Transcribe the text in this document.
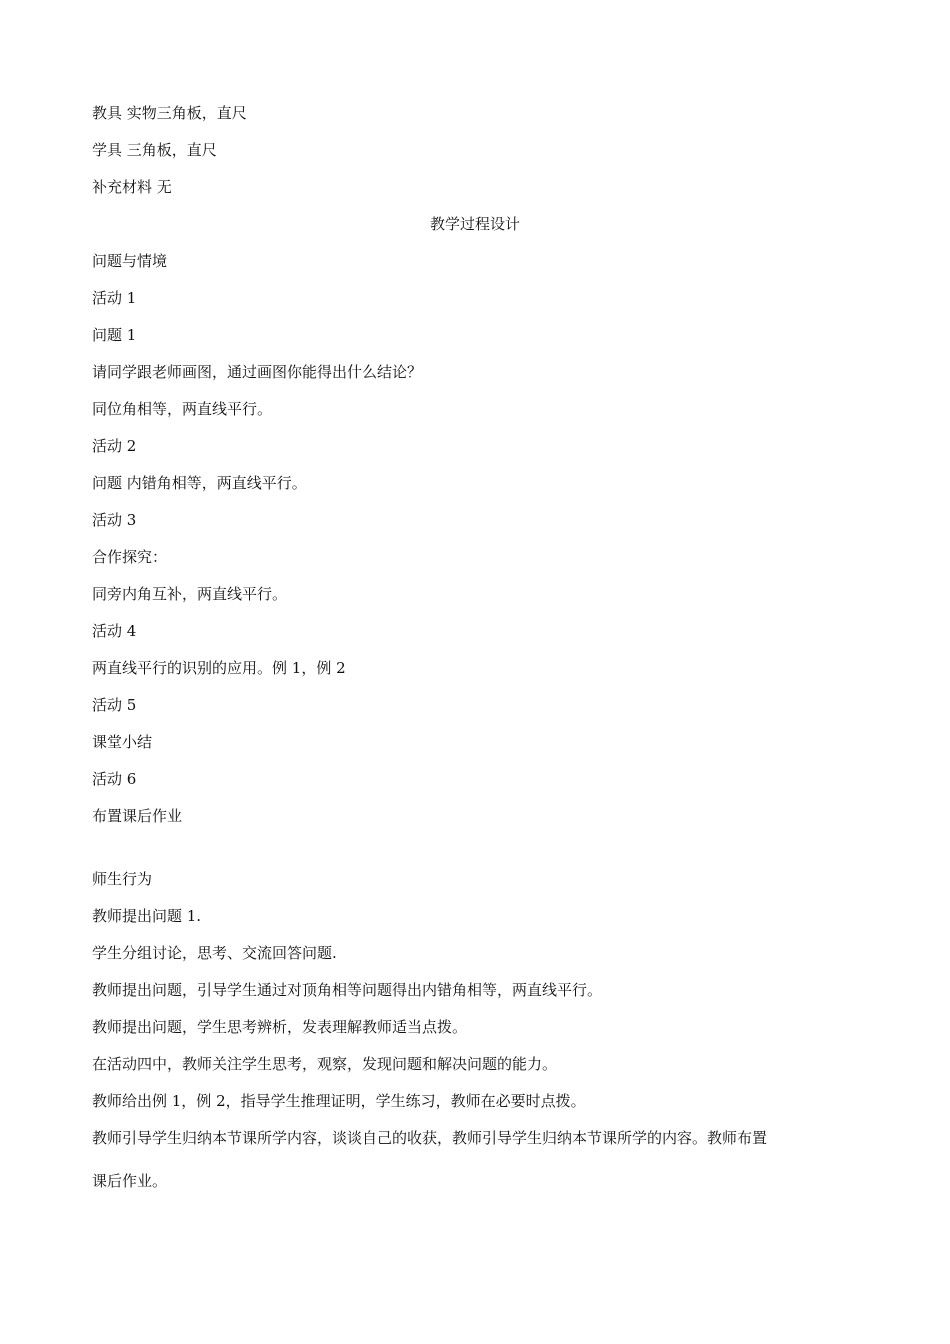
教具 实物三角板，直尺
学具 三角板，直尺
补充材料 无
教学过程设计
问题与情境
活动 1
问题 1
请同学跟老师画图，通过画图你能得出什么结论？
同位角相等，两直线平行。
活动 2
问题 内错角相等，两直线平行。
活动 3
合作探究：
同旁内角互补，两直线平行。
活动 4
两直线平行的识别的应用。例 1，例 2
活动 5
课堂小结
活动 6
布置课后作业
师生行为
教师提出问题 1.
学生分组讨论，思考、交流回答问题.
教师提出问题，引导学生通过对顶角相等问题得出内错角相等，两直线平行。
教师提出问题，学生思考辨析，发表理解教师适当点拨。
在活动四中，教师关注学生思考，观察，发现问题和解决问题的能力。
教师给出例 1，例 2，指导学生推理证明，学生练习，教师在必要时点拨。
教师引导学生归纳本节课所学内容，谈谈自己的收获，教师引导学生归纳本节课所学的内容。教师布置
课后作业。
